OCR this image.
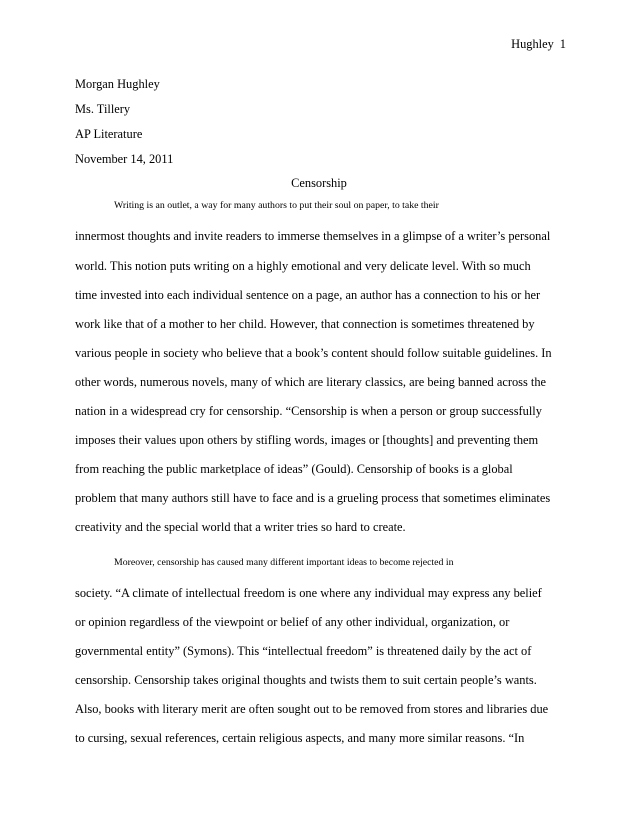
Hughley 1
Morgan Hughley
Ms. Tillery
AP Literature
November 14, 2011
Censorship
Writing is an outlet, a way for many authors to put their soul on paper, to take their
innermost thoughts and invite readers to immerse themselves in a glimpse of a writer’s personal
world. This notion puts writing on a highly emotional and very delicate level. With so much
time invested into each individual sentence on a page, an author has a connection to his or her
work like that of a mother to her child. However, that connection is sometimes threatened by
various people in society who believe that a book’s content should follow suitable guidelines. In
other words, numerous novels, many of which are literary classics, are being banned across the
nation in a widespread cry for censorship. “Censorship is when a person or group successfully
imposes their values upon others by stifling words, images or [thoughts] and preventing them
from reaching the public marketplace of ideas” (Gould). Censorship of books is a global
problem that many authors still have to face and is a grueling process that sometimes eliminates
creativity and the special world that a writer tries so hard to create.
Moreover, censorship has caused many different important ideas to become rejected in
society. “A climate of intellectual freedom is one where any individual may express any belief
or opinion regardless of the viewpoint or belief of any other individual, organization, or
governmental entity” (Symons). This “intellectual freedom” is threatened daily by the act of
censorship. Censorship takes original thoughts and twists them to suit certain people’s wants.
Also, books with literary merit are often sought out to be removed from stores and libraries due
to cursing, sexual references, certain religious aspects, and many more similar reasons. “In
